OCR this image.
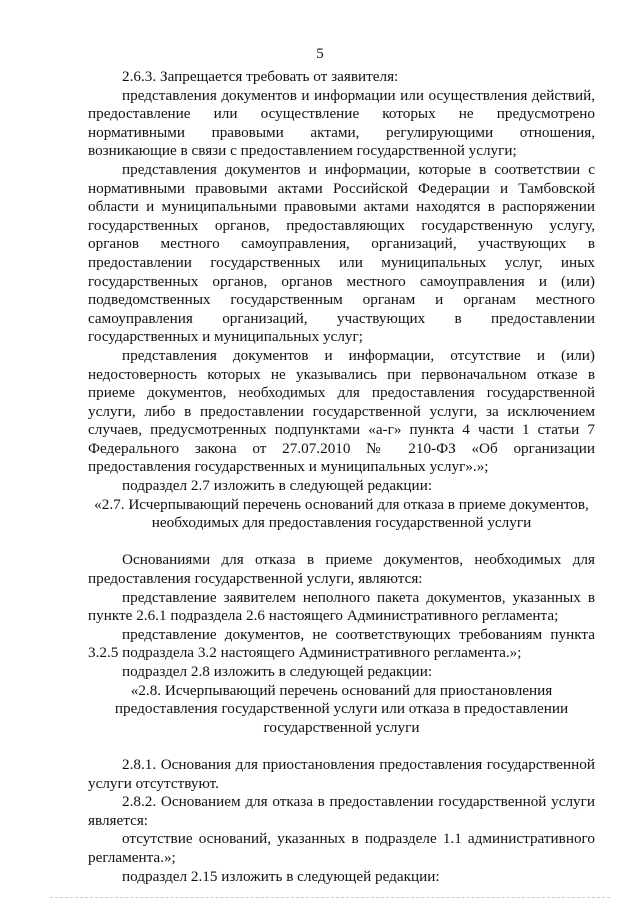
5

2.6.3. Запрещается требовать от заявителя:

представления документов и информации или осуществления действий, предоставление или осуществление которых не предусмотрено нормативными правовыми актами, регулирующими отношения, возникающие в связи с предоставлением государственной услуги;

представления документов и информации, которые в соответствии с нормативными правовыми актами Российской Федерации и Тамбовской области и муниципальными правовыми актами находятся в распоряжении государственных органов, предоставляющих государственную услугу, органов местного самоуправления, организаций, участвующих в предоставлении государственных или муниципальных услуг, иных государственных органов, органов местного самоуправления и (или) подведомственных государственным органам и органам местного самоуправления организаций, участвующих в предоставлении государственных и муниципальных услуг;

представления документов и информации, отсутствие и (или) недостоверность которых не указывались при первоначальном отказе в приеме документов, необходимых для предоставления государственной услуги, либо в предоставлении государственной услуги, за исключением случаев, предусмотренных подпунктами «а-г» пункта 4 части 1 статьи 7 Федерального закона от 27.07.2010 № 210-ФЗ «Об организации предоставления государственных и муниципальных услуг».»;

подраздел 2.7 изложить в следующей редакции:

«2.7. Исчерпывающий перечень оснований для отказа в приеме документов, необходимых для предоставления государственной услуги

Основаниями для отказа в приеме документов, необходимых для предоставления государственной услуги, являются:

представление заявителем неполного пакета документов, указанных в пункте 2.6.1 подраздела 2.6 настоящего Административного регламента;

представление документов, не соответствующих требованиям пункта 3.2.5 подраздела 3.2 настоящего Административного регламента.»;

подраздел 2.8 изложить в следующей редакции:

«2.8. Исчерпывающий перечень оснований для приостановления предоставления государственной услуги или отказа в предоставлении государственной услуги

2.8.1. Основания для приостановления предоставления государственной услуги отсутствуют.

2.8.2. Основанием для отказа в предоставлении государственной услуги является:

отсутствие оснований, указанных в подразделе 1.1 административного регламента.»;

подраздел 2.15 изложить в следующей редакции:
